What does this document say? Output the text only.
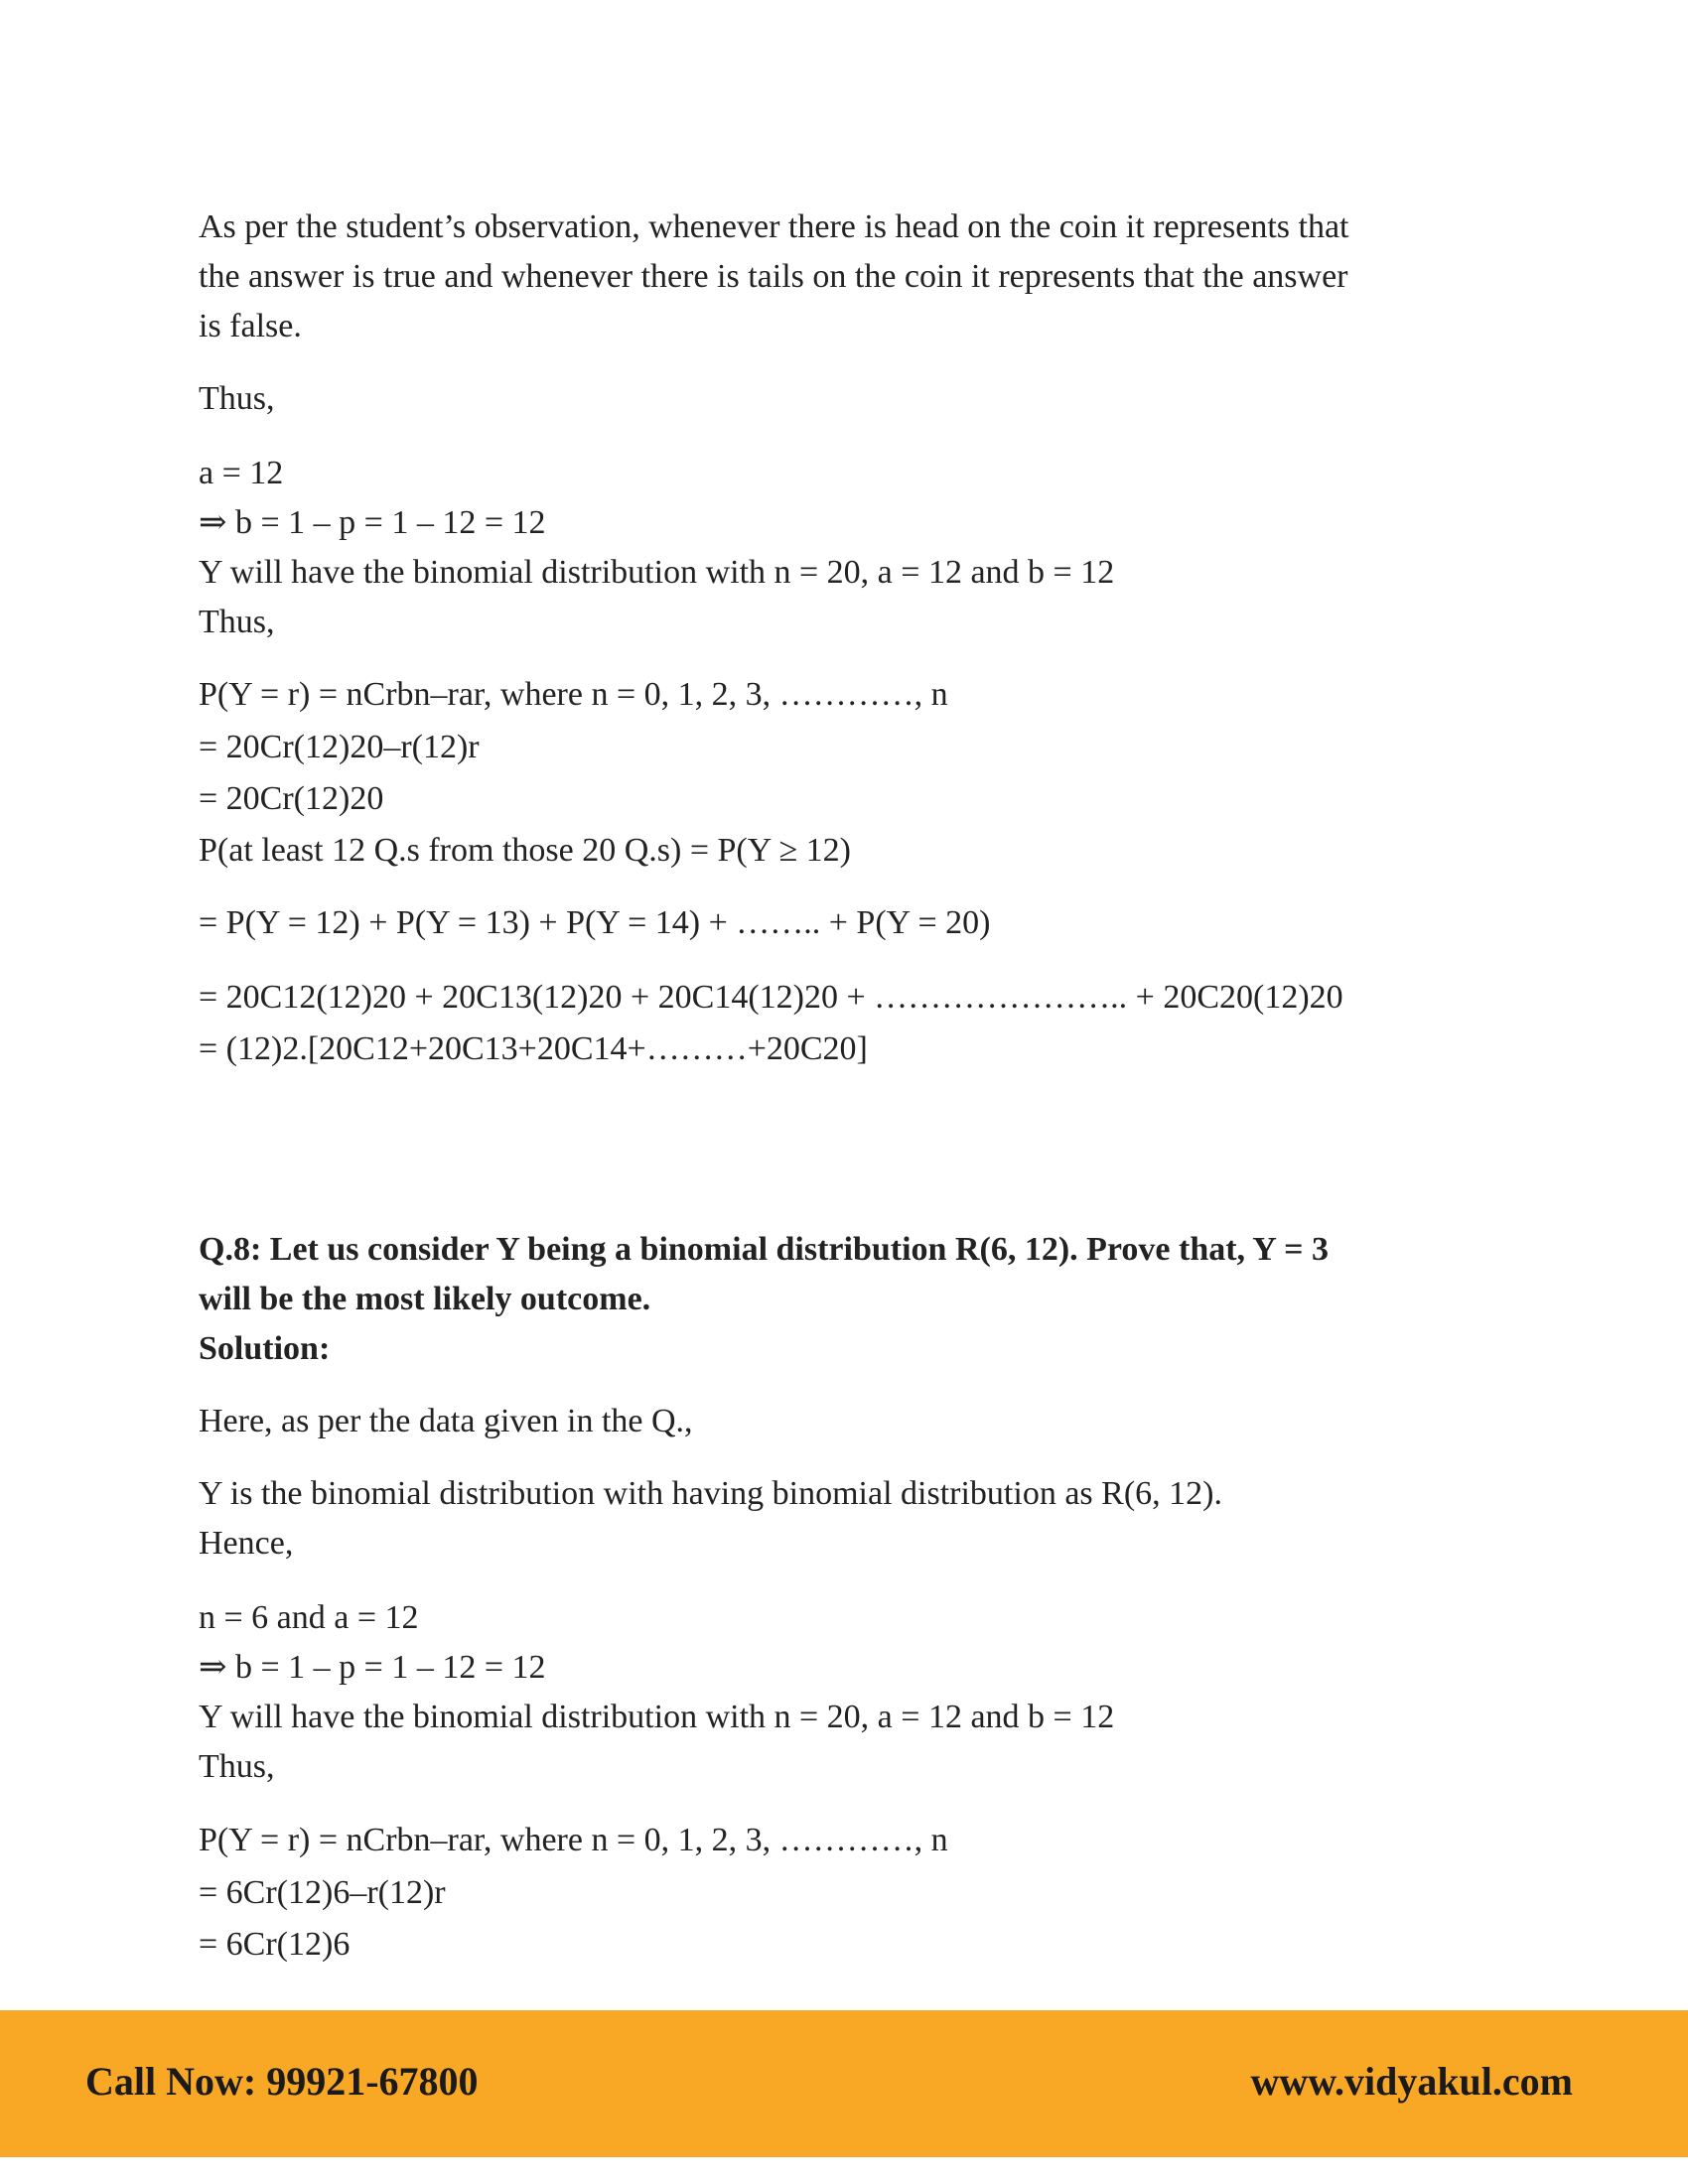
As per the student’s observation, whenever there is head on the coin it represents that
the answer is true and whenever there is tails on the coin it represents that the answer
is false.
Thus,
a = 12
⇒ b = 1 – p = 1 – 12 = 12
Y will have the binomial distribution with n = 20, a = 12 and b = 12
Thus,
P(Y = r) = nCrbn–rar, where n = 0, 1, 2, 3, …………, n
= 20Cr(12)20–r(12)r
= 20Cr(12)20
P(at least 12 Q.s from those 20 Q.s) = P(Y ≥ 12)
= P(Y = 12) + P(Y = 13) + P(Y = 14) + …….. + P(Y = 20)
= 20C12(12)20 + 20C13(12)20 + 20C14(12)20 + ………………….. + 20C20(12)20
= (12)2.[20C12+20C13+20C14+………+20C20]
Q.8: Let us consider Y being a binomial distribution R(6, 12). Prove that, Y = 3
will be the most likely outcome.
Solution:
Here, as per the data given in the Q.,
Y is the binomial distribution with having binomial distribution as R(6, 12).
Hence,
n = 6 and a = 12
⇒ b = 1 – p = 1 – 12 = 12
Y will have the binomial distribution with n = 20, a = 12 and b = 12
Thus,
P(Y = r) = nCrbn–rar, where n = 0, 1, 2, 3, …………, n
= 6Cr(12)6–r(12)r
= 6Cr(12)6
Call Now: 99921-67800	www.vidyakul.com
